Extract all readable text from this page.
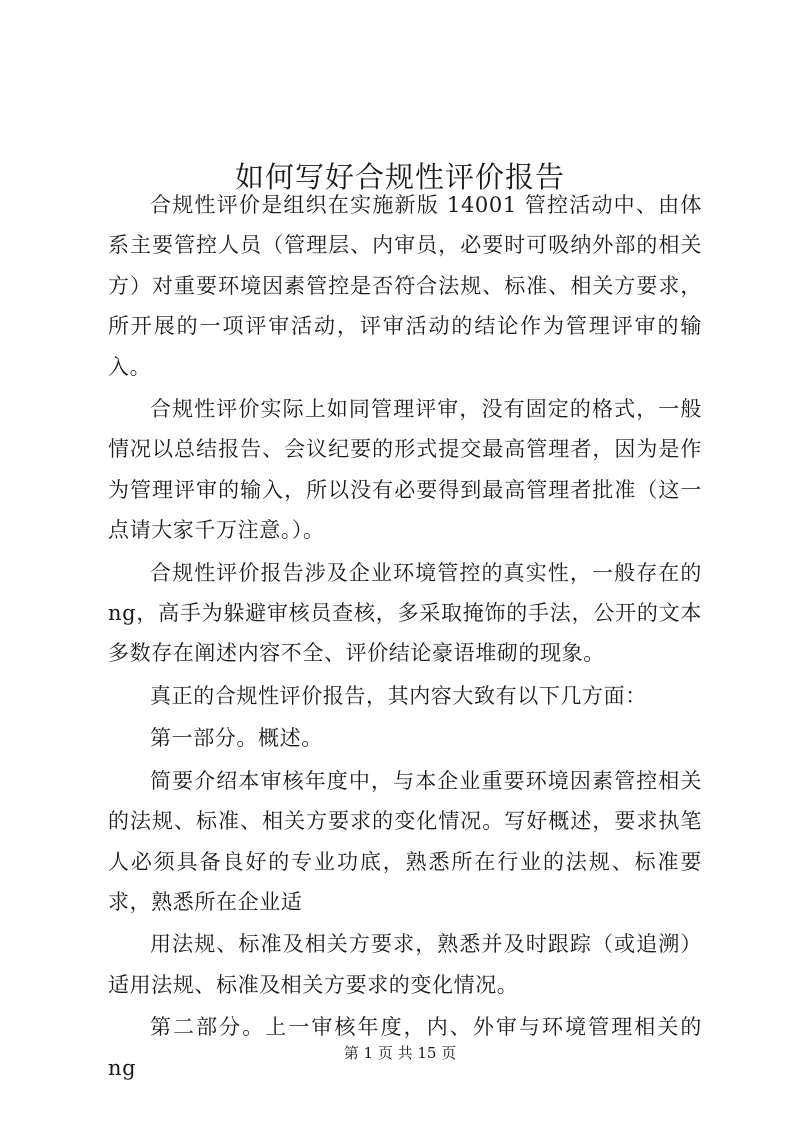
如何写好合规性评价报告

合规性评价是组织在实施新版 14001 管控活动中、由体系主要管控人员（管理层、内审员，必要时可吸纳外部的相关方）对重要环境因素管控是否符合法规、标准、相关方要求，所开展的一项评审活动，评审活动的结论作为管理评审的输入。

合规性评价实际上如同管理评审，没有固定的格式，一般情况以总结报告、会议纪要的形式提交最高管理者，因为是作为管理评审的输入，所以没有必要得到最高管理者批准（这一点请大家千万注意。）。

合规性评价报告涉及企业环境管控的真实性，一般存在的ng，高手为躲避审核员查核，多采取掩饰的手法，公开的文本多数存在阐述内容不全、评价结论豪语堆砌的现象。

真正的合规性评价报告，其内容大致有以下几方面：

第一部分。概述。

简要介绍本审核年度中，与本企业重要环境因素管控相关的法规、标准、相关方要求的变化情况。写好概述，要求执笔人必须具备良好的专业功底，熟悉所在行业的法规、标准要求，熟悉所在企业适

用法规、标准及相关方要求，熟悉并及时跟踪（或追溯）适用法规、标准及相关方要求的变化情况。

第二部分。上一审核年度，内、外审与环境管理相关的 ng

第 1 页 共 15 页
